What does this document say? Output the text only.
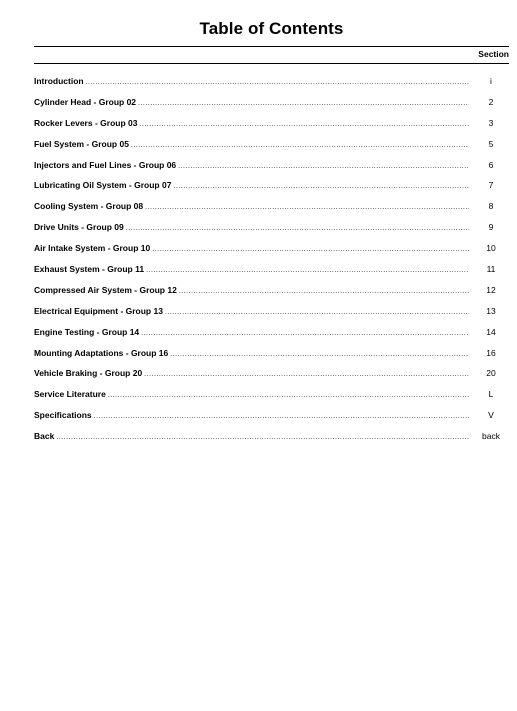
Table of Contents
Section
Introduction .....	i
Cylinder Head - Group 02 .....	2
Rocker Levers - Group 03 .....	3
Fuel System - Group 05 .....	5
Injectors and Fuel Lines - Group 06 .....	6
Lubricating Oil System - Group 07 .....	7
Cooling System - Group 08 .....	8
Drive Units - Group 09 .....	9
Air Intake System - Group 10 .....	10
Exhaust System - Group 11 .....	11
Compressed Air System - Group 12 .....	12
Electrical Equipment - Group 13 .....	13
Engine Testing - Group 14 .....	14
Mounting Adaptations - Group 16 .....	16
Vehicle Braking - Group 20 .....	20
Service Literature .....	L
Specifications .....	V
Back .....	back
